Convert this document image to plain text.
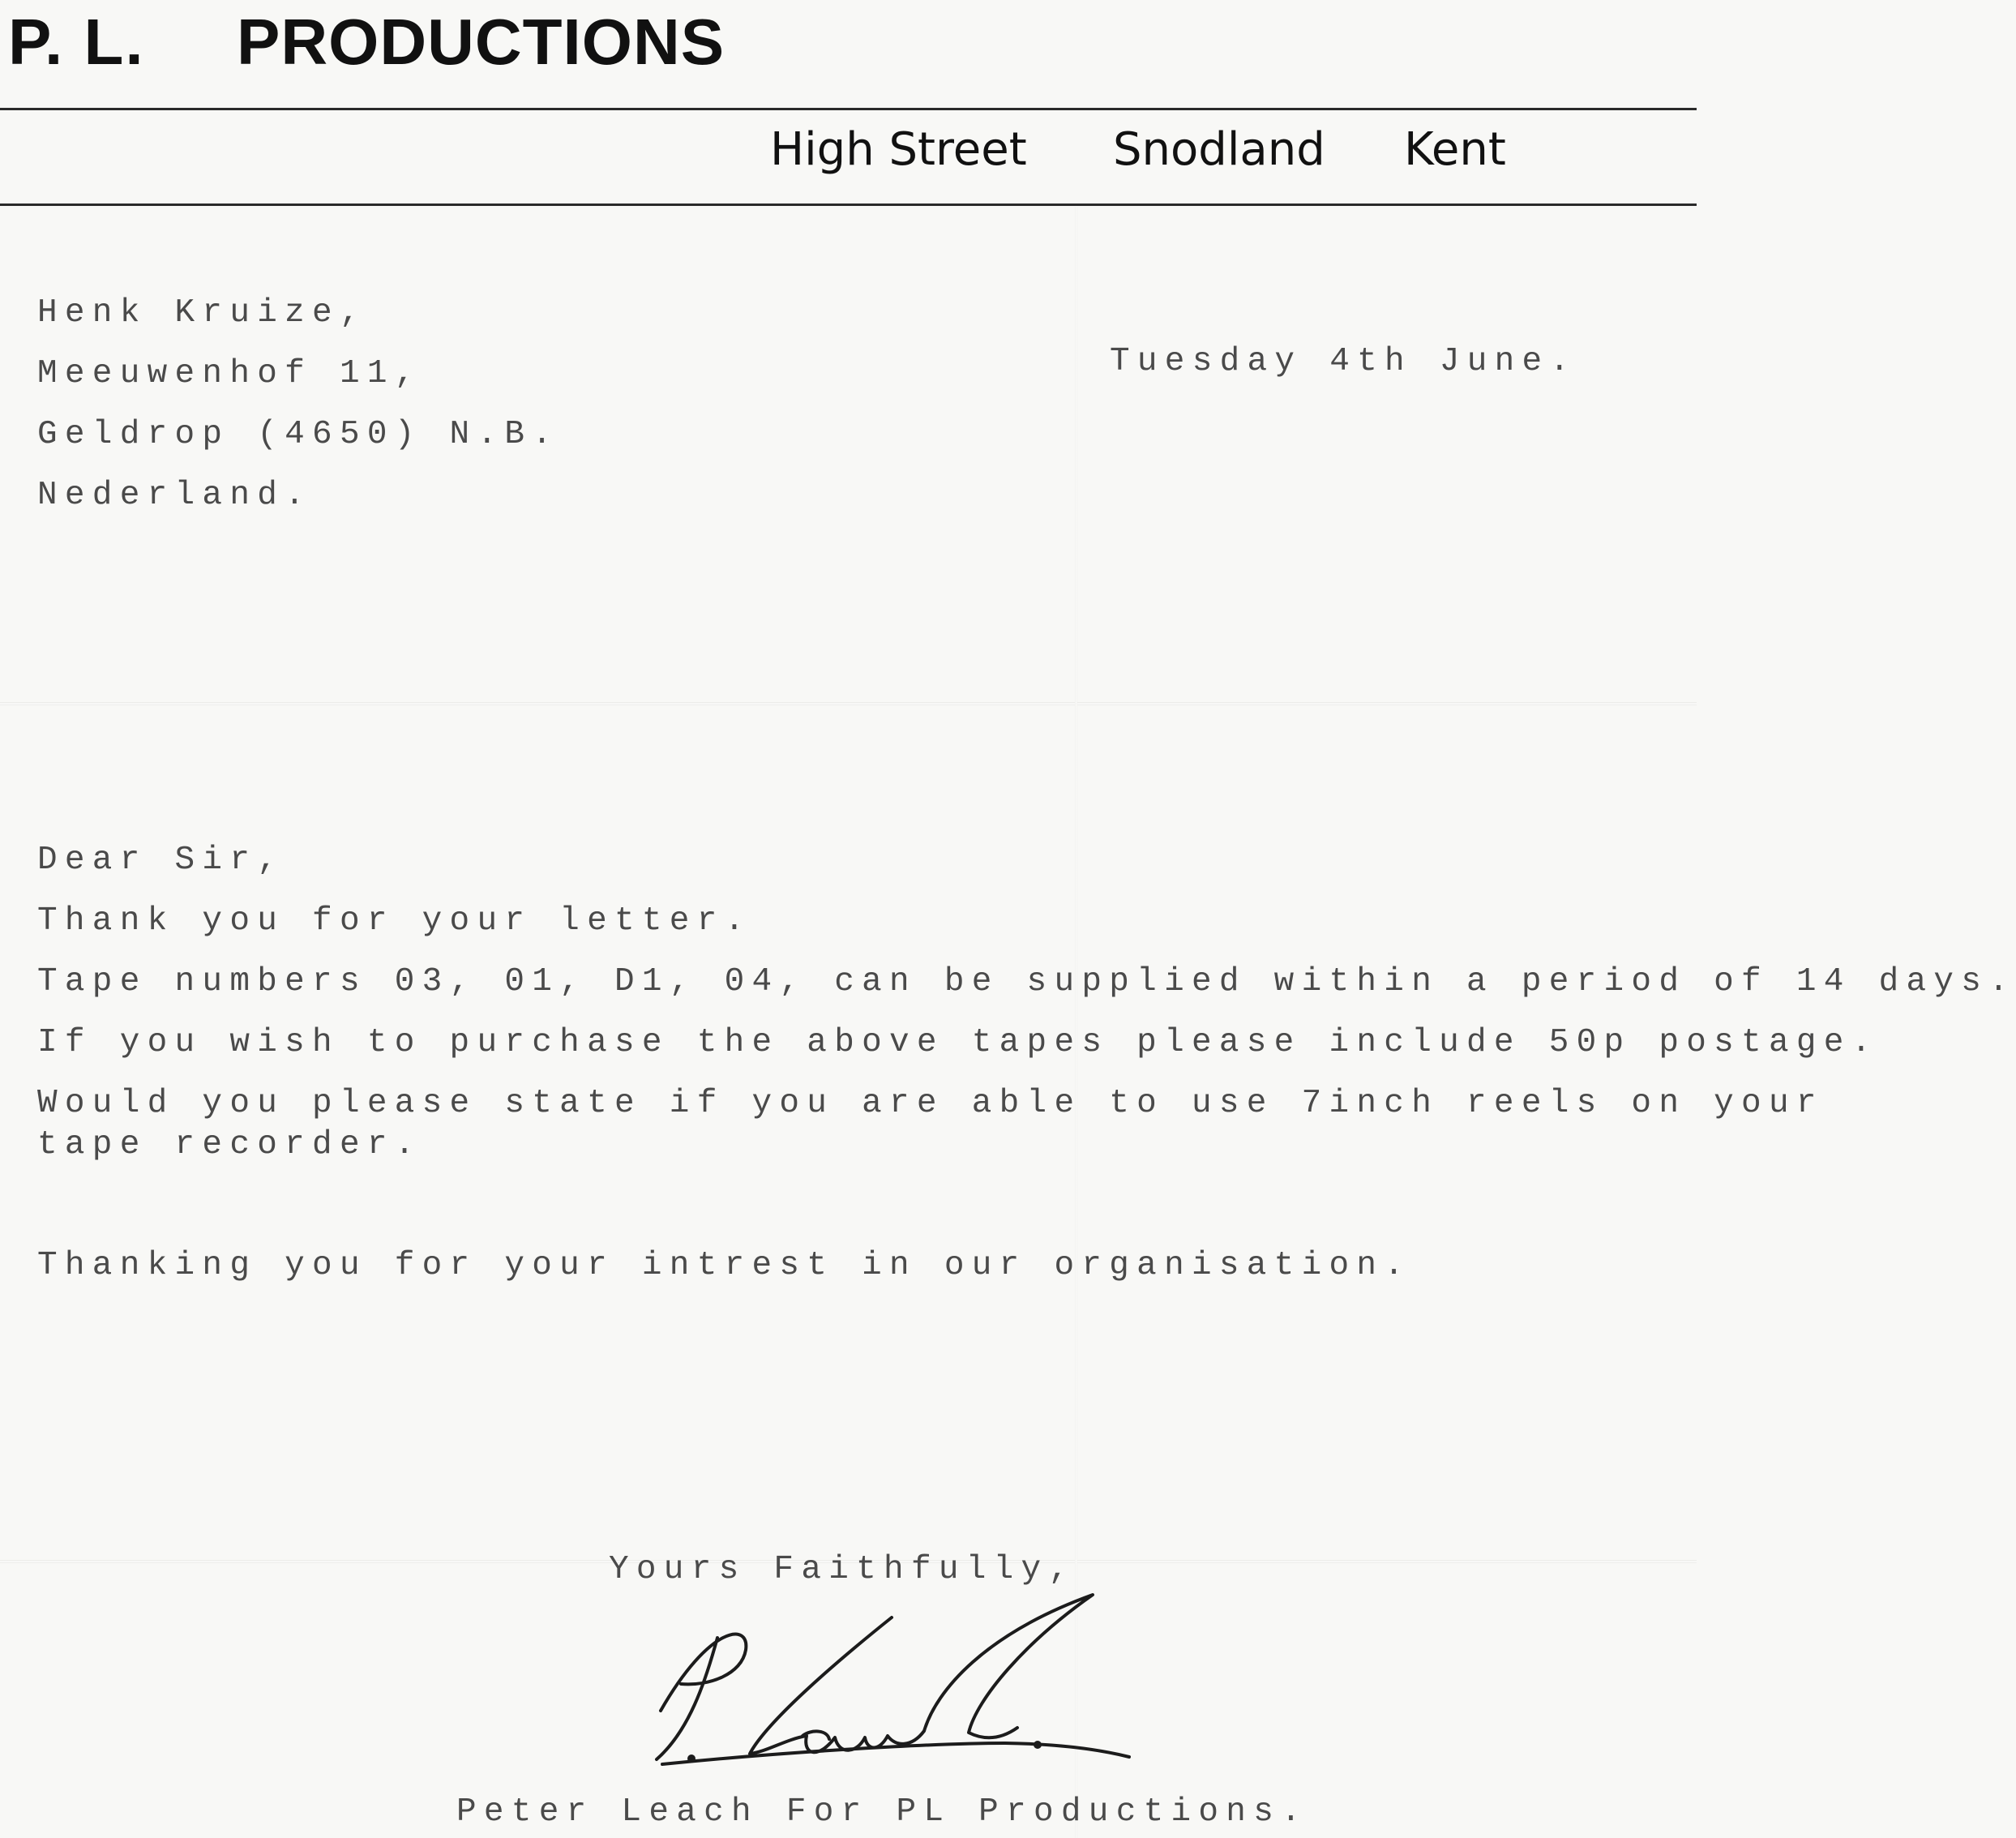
P. L. PRODUCTIONS
High Street Snodland Kent
Henk Kruize,
Meeuwenhof 11,
Geldrop (4650) N.B.
Nederland.
Tuesday 4th June.
Dear Sir,
Thank you for your letter.
Tape numbers 03, 01, D1, 04, can be supplied within a period of 14 days.
If you wish to purchase the above tapes please include 50p postage.
Would you please state if you are able to use 7inch reels on your
tape recorder.
Thanking you for your intrest in our organisation.
Yours Faithfully,
Peter Leach For PL Productions.
